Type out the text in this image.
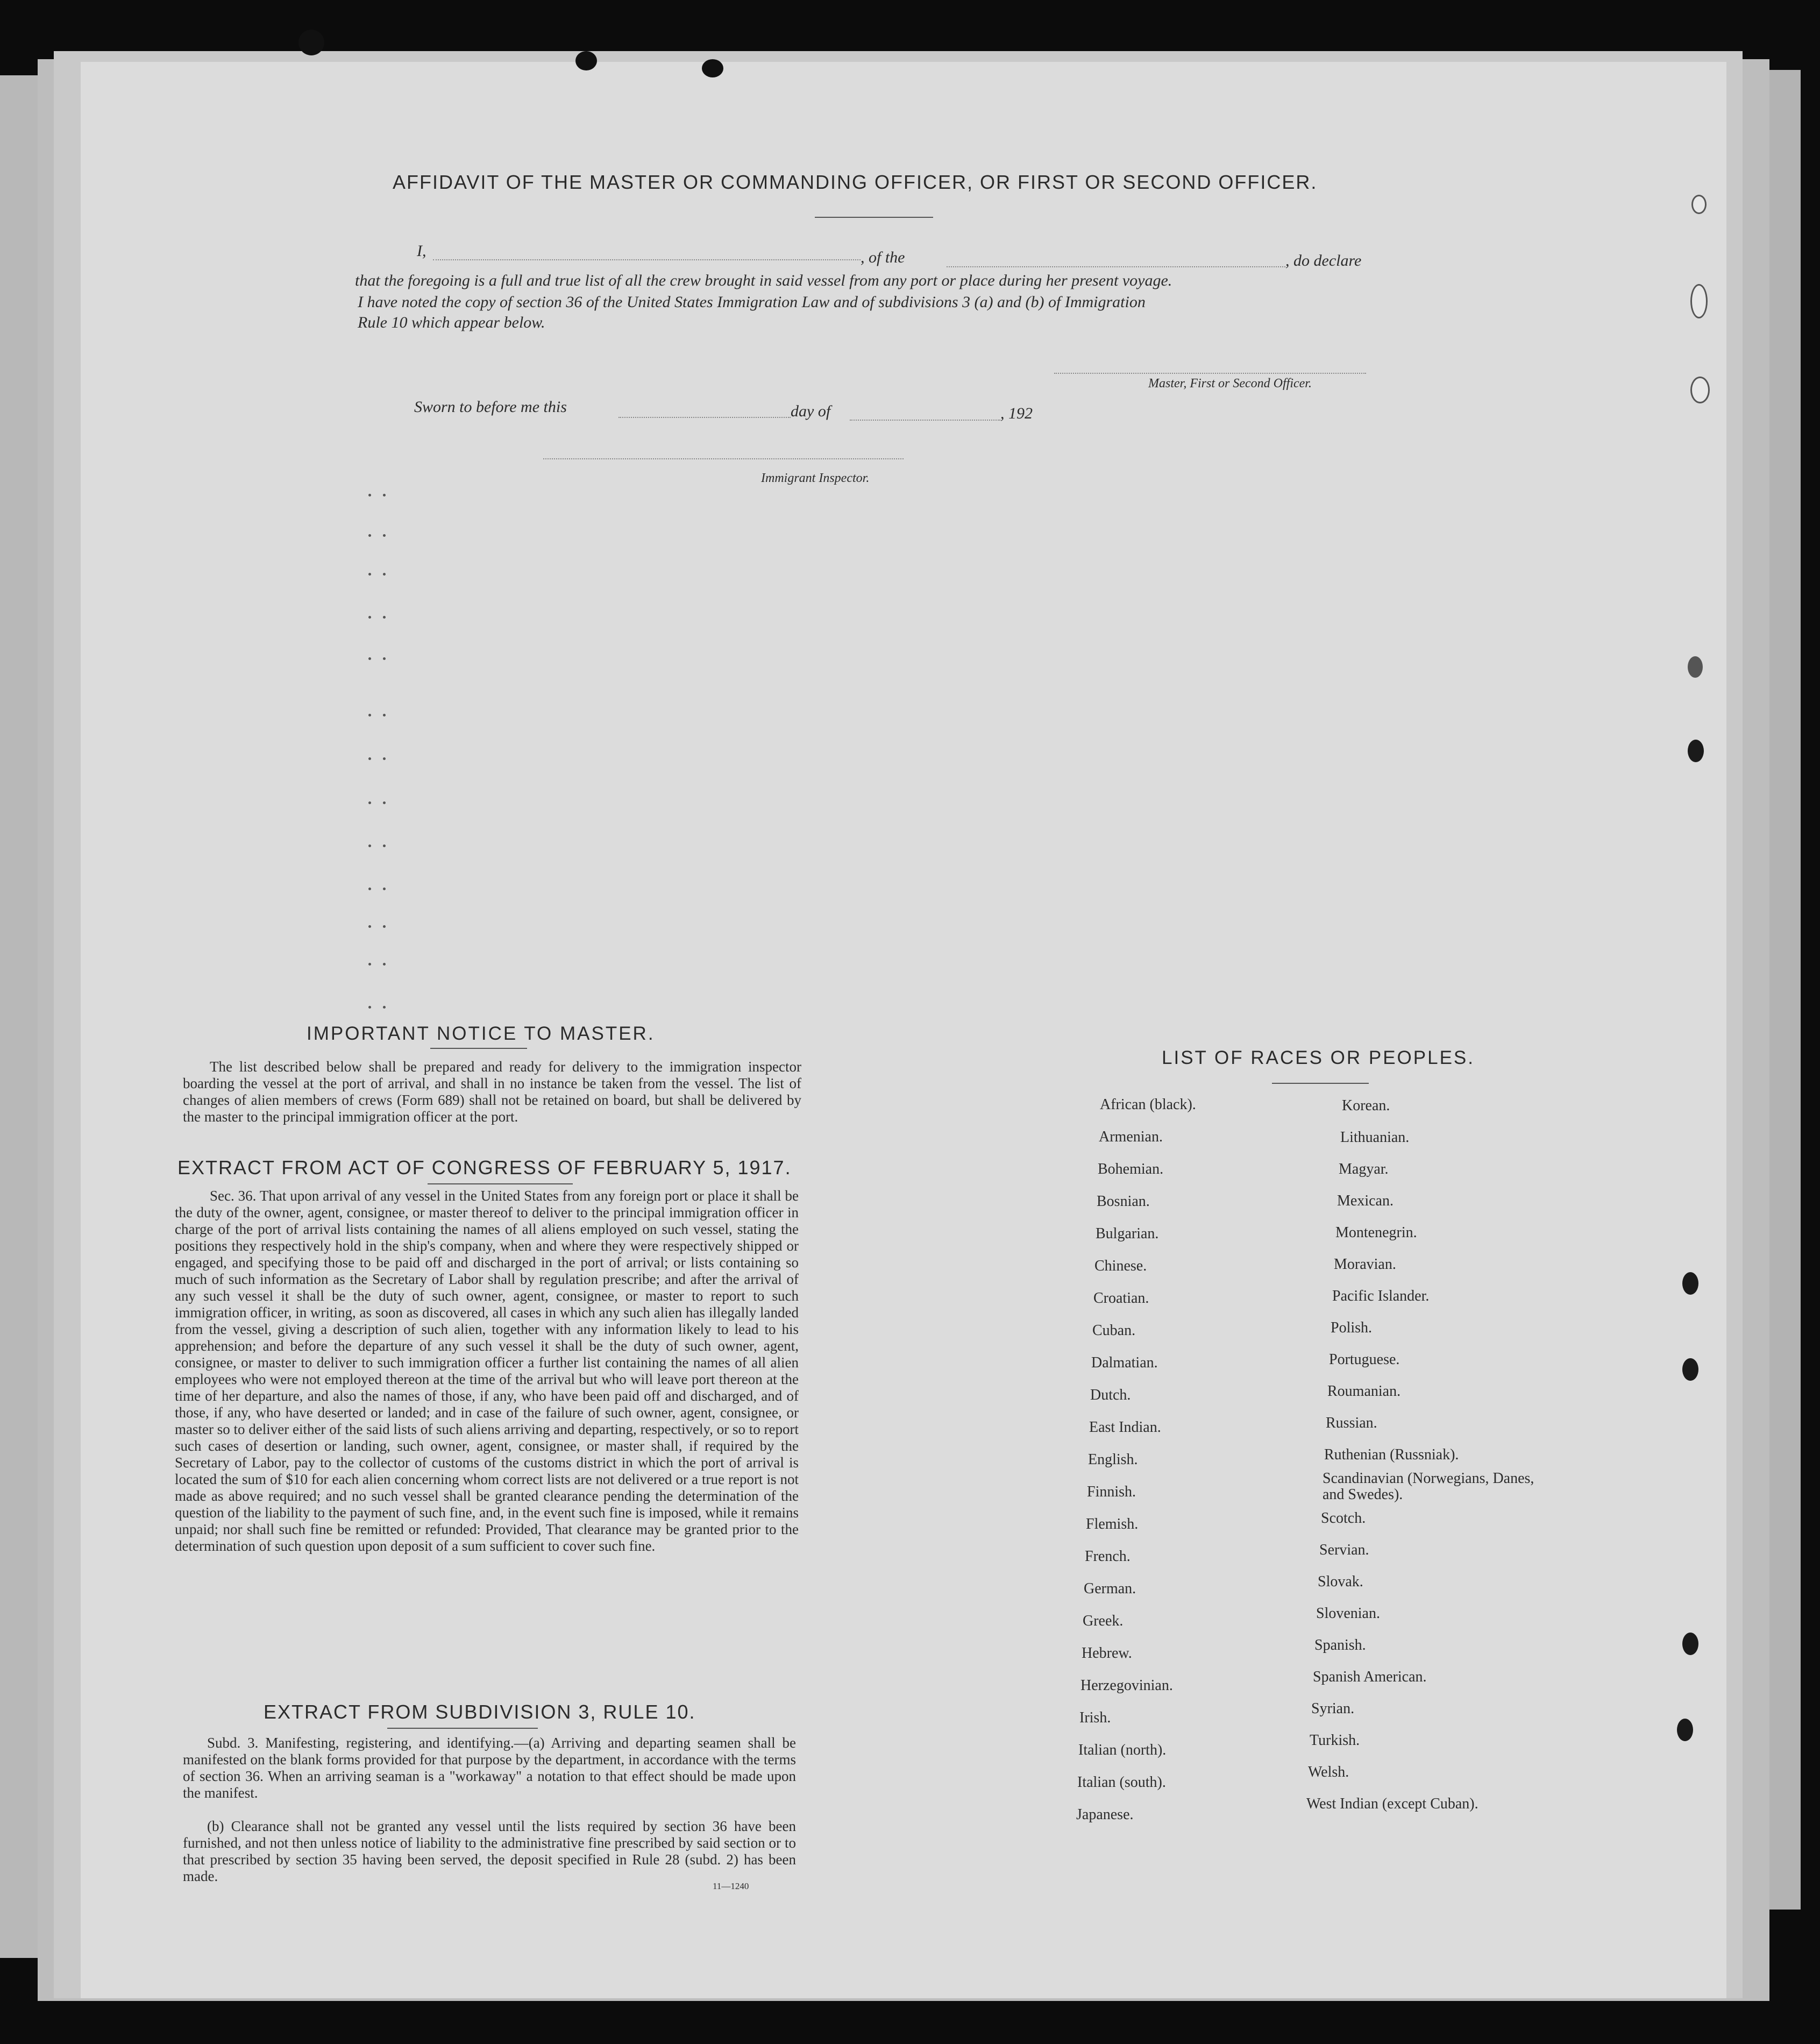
AFFIDAVIT OF THE MASTER OR COMMANDING OFFICER, OR FIRST OR SECOND OFFICER.
I,	, of the	, do declare
that the foregoing is a full and true list of all the crew brought in said vessel from any port or place during her present voyage.
I have noted the copy of section 36 of the United States Immigration Law and of subdivisions 3 (a) and (b) of Immigration
Rule 10 which appear below.
Master, First or Second Officer.
Sworn to before me this	day of	, 192
Immigrant Inspector.
IMPORTANT NOTICE TO MASTER.
The list described below shall be prepared and ready for delivery to the immigration inspector boarding the vessel at the port of arrival, and shall in no instance be taken from the vessel. The list of changes of alien members of crews (Form 689) shall not be retained on board, but shall be delivered by the master to the principal immigration officer at the port.
EXTRACT FROM ACT OF CONGRESS OF FEBRUARY 5, 1917.
Sec. 36. That upon arrival of any vessel in the United States from any foreign port or place it shall be the duty of the owner, agent, consignee, or master thereof to deliver to the principal immigration officer in charge of the port of arrival lists containing the names of all aliens employed on such vessel, stating the positions they respectively hold in the ship's company, when and where they were respectively shipped or engaged, and specifying those to be paid off and discharged in the port of arrival; or lists containing so much of such information as the Secretary of Labor shall by regulation prescribe; and after the arrival of any such vessel it shall be the duty of such owner, agent, consignee, or master to report to such immigration officer, in writing, as soon as discovered, all cases in which any such alien has illegally landed from the vessel, giving a description of such alien, together with any information likely to lead to his apprehension; and before the departure of any such vessel it shall be the duty of such owner, agent, consignee, or master to deliver to such immigration officer a further list containing the names of all alien employees who were not employed thereon at the time of the arrival but who will leave port thereon at the time of her departure, and also the names of those, if any, who have been paid off and discharged, and of those, if any, who have deserted or landed; and in case of the failure of such owner, agent, consignee, or master so to deliver either of the said lists of such aliens arriving and departing, respectively, or so to report such cases of desertion or landing, such owner, agent, consignee, or master shall, if required by the Secretary of Labor, pay to the collector of customs of the customs district in which the port of arrival is located the sum of $10 for each alien concerning whom correct lists are not delivered or a true report is not made as above required; and no such vessel shall be granted clearance pending the determination of the question of the liability to the payment of such fine, and, in the event such fine is imposed, while it remains unpaid; nor shall such fine be remitted or refunded: Provided, That clearance may be granted prior to the determination of such question upon deposit of a sum sufficient to cover such fine.
EXTRACT FROM SUBDIVISION 3, RULE 10.
Subd. 3. Manifesting, registering, and identifying.—(a) Arriving and departing seamen shall be manifested on the blank forms provided for that purpose by the department, in accordance with the terms of section 36. When an arriving seaman is a "workaway" a notation to that effect should be made upon the manifest.
(b) Clearance shall not be granted any vessel until the lists required by section 36 have been furnished, and not then unless notice of liability to the administrative fine prescribed by said section or to that prescribed by section 35 having been served, the deposit specified in Rule 28 (subd. 2) has been made.
11—1240
LIST OF RACES OR PEOPLES.
African (black).
Armenian.
Bohemian.
Bosnian.
Bulgarian.
Chinese.
Croatian.
Cuban.
Dalmatian.
Dutch.
East Indian.
English.
Finnish.
Flemish.
French.
German.
Greek.
Hebrew.
Herzegovinian.
Irish.
Italian (north).
Italian (south).
Japanese.
Korean.
Lithuanian.
Magyar.
Mexican.
Montenegrin.
Moravian.
Pacific Islander.
Polish.
Portuguese.
Roumanian.
Russian.
Ruthenian (Russniak).
Scandinavian (Norwegians, Danes, and Swedes).
Scotch.
Servian.
Slovak.
Slovenian.
Spanish.
Spanish American.
Syrian.
Turkish.
Welsh.
West Indian (except Cuban).
